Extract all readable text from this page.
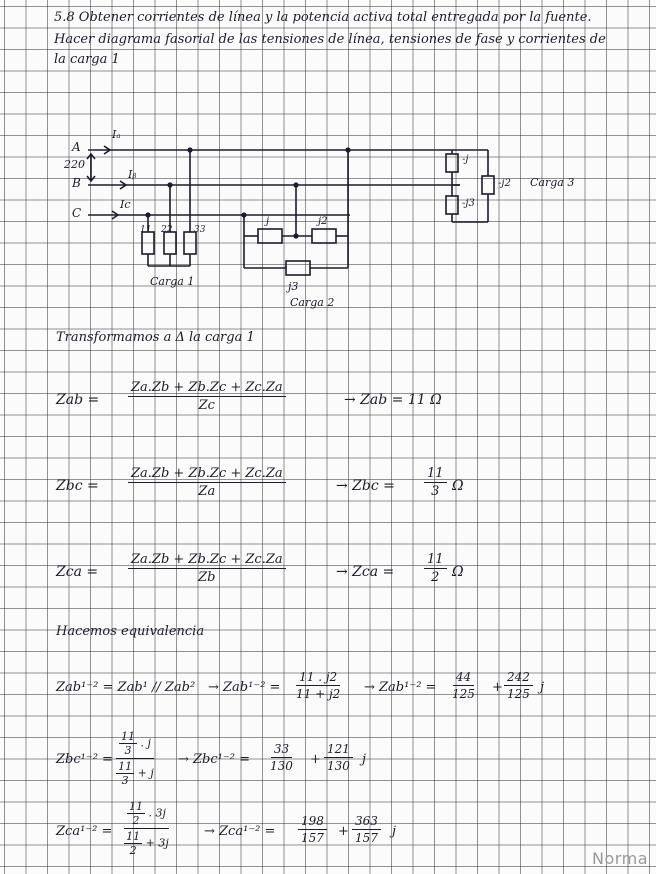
5.8 Obtener corrientes de línea y la potencia activa total entregada por la fuente.
Hacer diagrama fasorial de las tensiones de línea, tensiones de fase y corrientes de
la carga 1
A
B
C
Iₐ
Iᵦ
Ic
220
11 22 33
Carga 1
j	j2
j3
Carga 2
-j
-j3
-j2 Carga 3
Transformamos a Δ la carga 1
Zab = $\frac{Za.Zb + Zb.Zc + Zc.Za}{Zc}$	→ Zab = 11 Ω
Zbc = $\frac{Za.Zb + Zb.Zc + Zc.Za}{Za}$	→ Zbc = $\frac{11}{3}$ Ω
Zca = $\frac{Za.Zb + Zb.Zc + Zc.Za}{Zb}$	→ Zca = $\frac{11}{2}$ Ω
Hacemos equivalencia
$Zab^{1-2} = Zab^1 // Zab^2 \to Zab^{1-2} = \frac{11 . j2}{11 + j2} \to Zab^{1-2} = \frac{44}{125} + \frac{242}{125}$ j
$Zbc^{1-2} = \frac{\frac{11}{3} . j}{\frac{11}{3} + j} \to Zbc^{1-2} = \frac{33}{130} + \frac{121}{130}$ j
$Zca^{1-2} = \frac{\frac{11}{2} . 3j}{\frac{11}{2} + 3j}$	→ $Zca^{1-2} = \frac{198}{157} + \frac{363}{157}$ j
Norma
